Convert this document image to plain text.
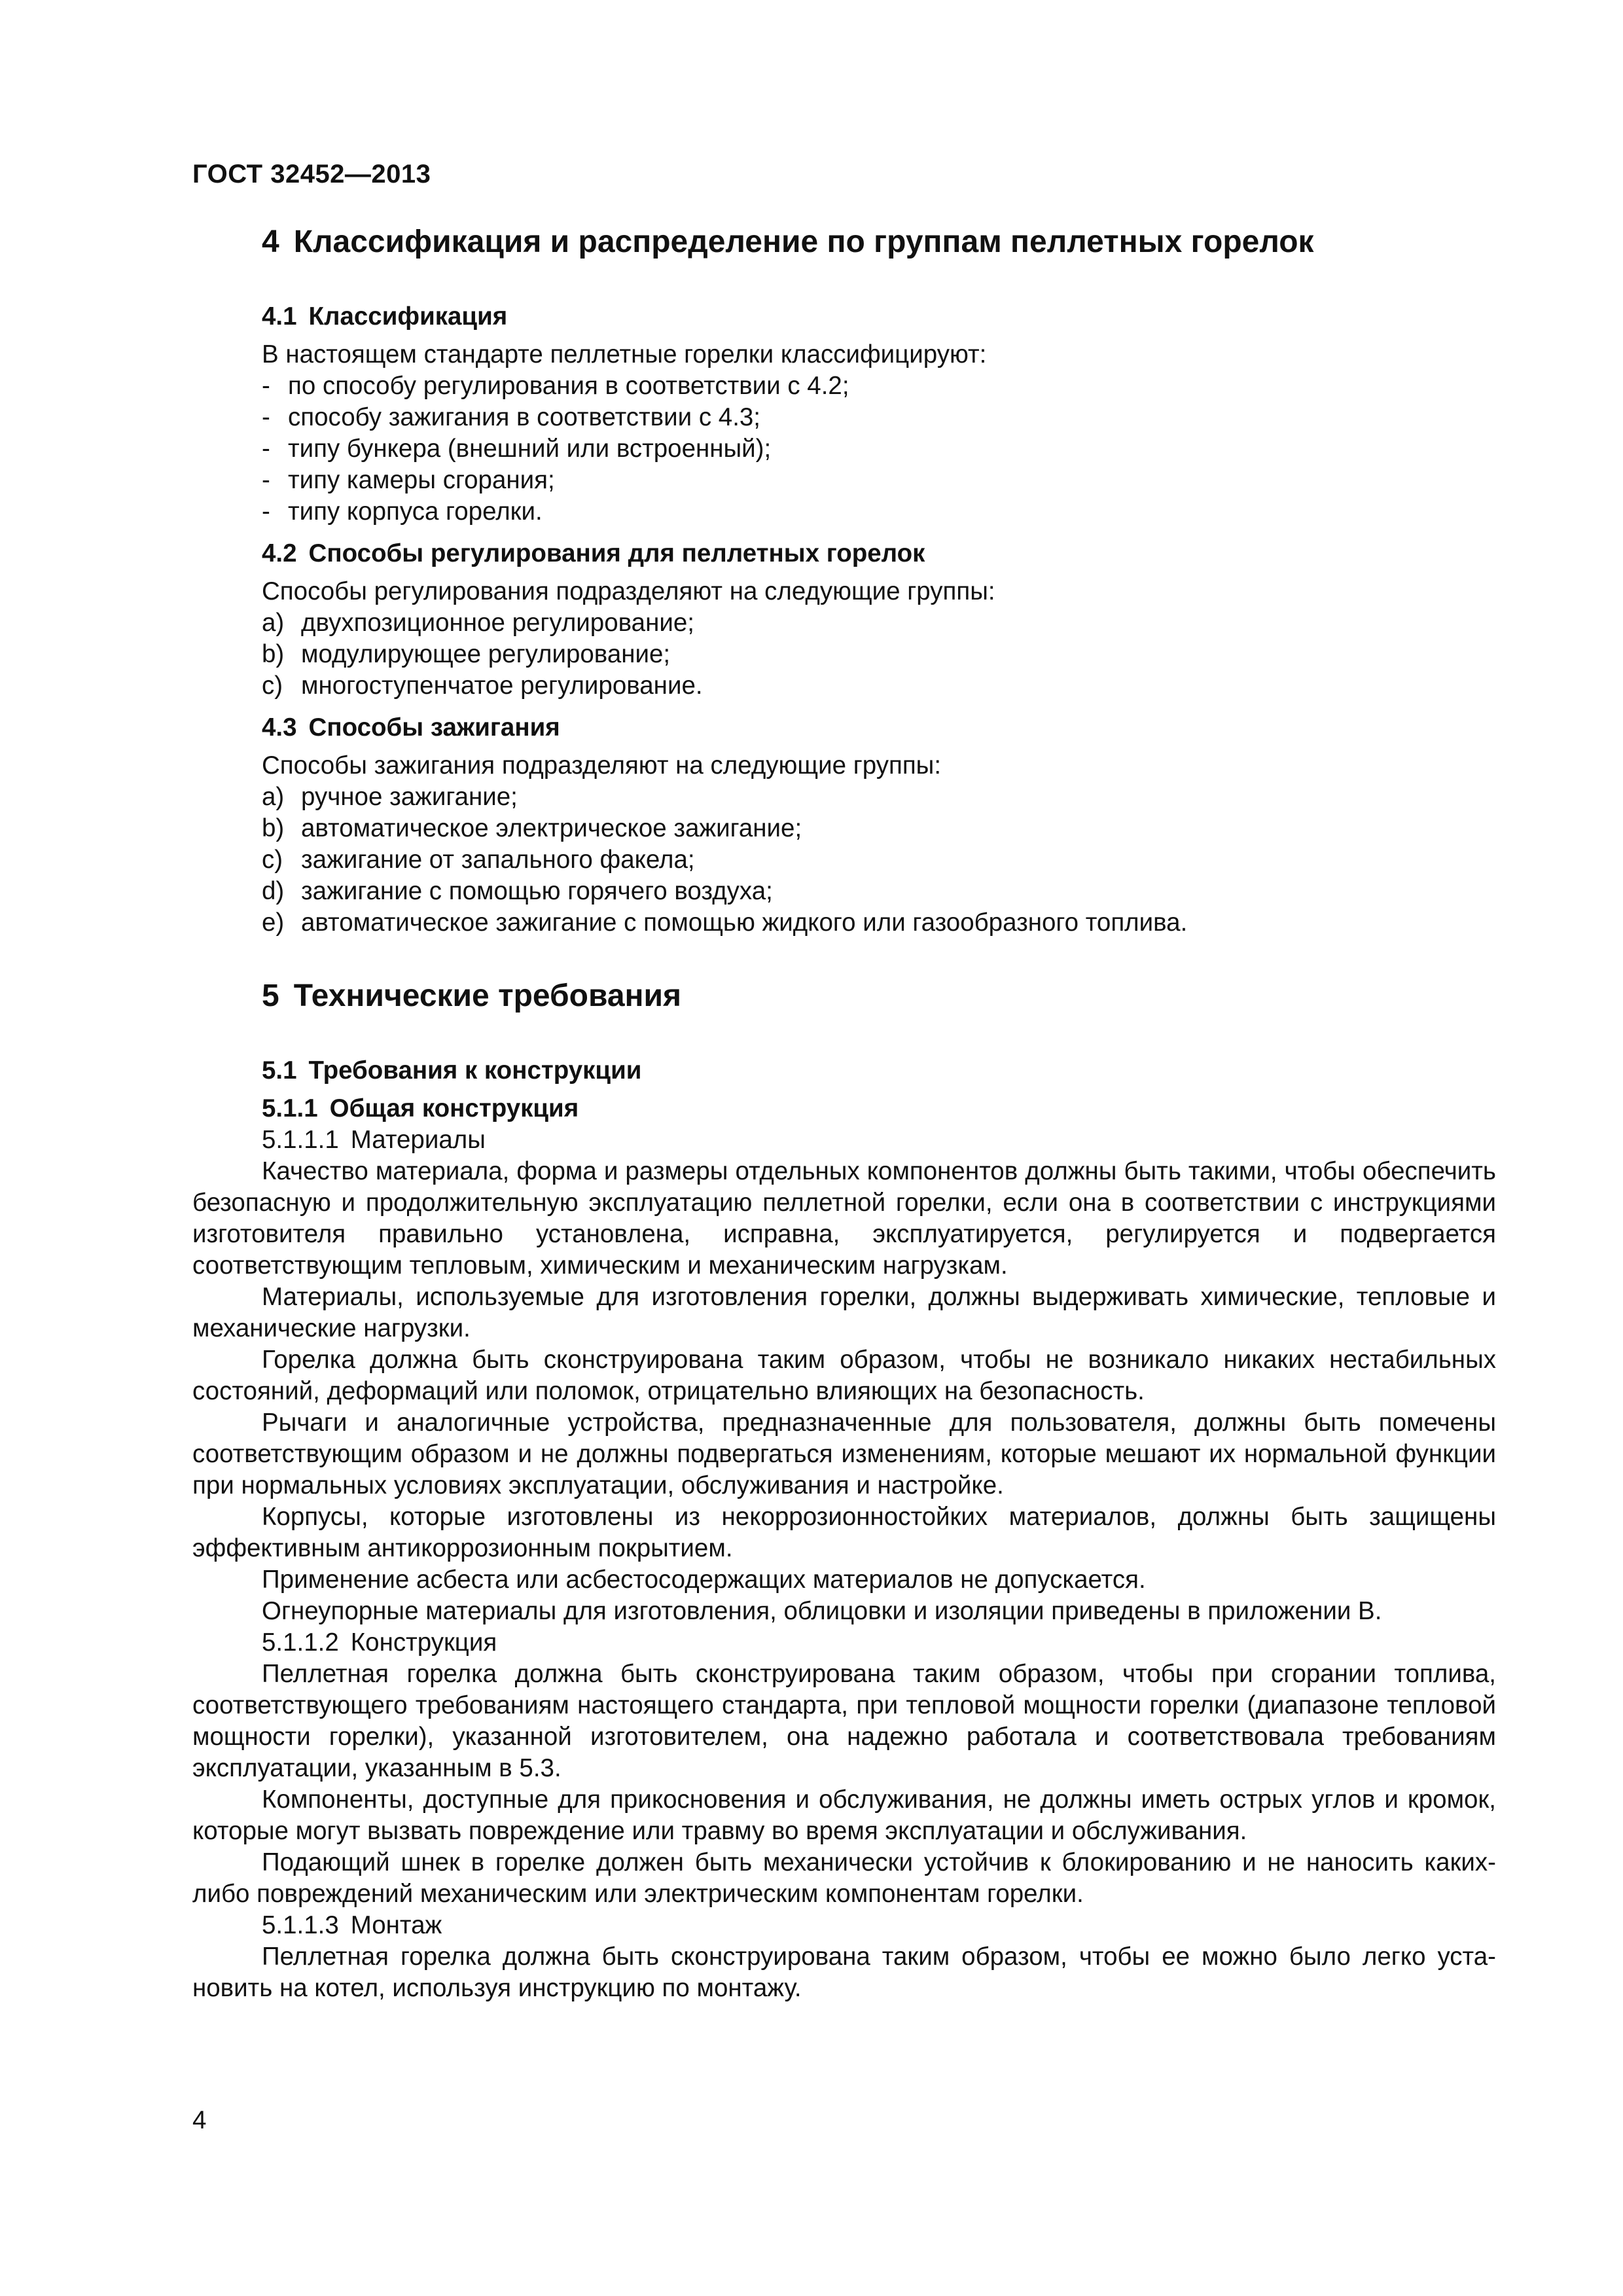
ГОСТ 32452—2013
4 Классификация и распределение по группам пеллетных горелок
4.1 Классификация

В настоящем стандарте пеллетные горелки классифицируют:

- по способу регулирования в соответствии с 4.2;

- способу зажигания в соответствии с 4.3;

- типу бункера (внешний или встроенный);

- типу камеры сгорания;

- типу корпуса горелки.

4.2 Способы регулирования для пеллетных горелок

Способы регулирования подразделяют на следующие группы:

a) двухпозиционное регулирование;

b) модулирующее регулирование;

c) многоступенчатое регулирование.

4.3 Способы зажигания

Способы зажигания подразделяют на следующие группы:

a) ручное зажигание;

b) автоматическое электрическое зажигание;

c) зажигание от запального факела;

d) зажигание с помощью горячего воздуха;

e) автоматическое зажигание с помощью жидкого или газообразного топлива.

5 Технические требования
5.1 Требования к конструкции
5.1.1 Общая конструкция

5.1.1.1 Материалы

Качество материала, форма и размеры отдельных компонентов должны быть такими, чтобы обеспечить безопасную и продолжительную эксплуатацию пеллетной горелки, если она в соответствии с инструкциями изготовителя правильно установлена, исправна, эксплуатируется, регулируется и подвергается соответствующим тепловым, химическим и механическим нагрузкам.

Материалы, используемые для изготовления горелки, должны выдерживать химические, тепловые и механические нагрузки.

Горелка должна быть сконструирована таким образом, чтобы не возникало никаких нестабильных состояний, деформаций или поломок, отрицательно влияющих на безопасность.

Рычаги и аналогичные устройства, предназначенные для пользователя, должны быть помечены соответствующим образом и не должны подвергаться изменениям, которые мешают их нормальной функции при нормальных условиях эксплуатации, обслуживания и настройке.

Корпусы, которые изготовлены из некоррозионностойких материалов, должны быть защищены эффективным антикоррозионным покрытием.

Применение асбеста или асбестосодержащих материалов не допускается.

Огнеупорные материалы для изготовления, облицовки и изоляции приведены в приложении В.

5.1.1.2 Конструкция

Пеллетная горелка должна быть сконструирована таким образом, чтобы при сгорании топлива, соответствующего требованиям настоящего стандарта, при тепловой мощности горелки (диапазоне тепловой мощности горелки), указанной изготовителем, она надежно работала и соответствовала требованиям эксплуатации, указанным в 5.3.

Компоненты, доступные для прикосновения и обслуживания, не должны иметь острых углов и кромок, которые могут вызвать повреждение или травму во время эксплуатации и обслуживания.

Подающий шнек в горелке должен быть механически устойчив к блокированию и не наносить каких-либо повреждений механическим или электрическим компонентам горелки.

5.1.1.3 Монтаж

Пеллетная горелка должна быть сконструирована таким образом, чтобы ее можно было легко установить на котел, используя инструкцию по монтажу.

4
